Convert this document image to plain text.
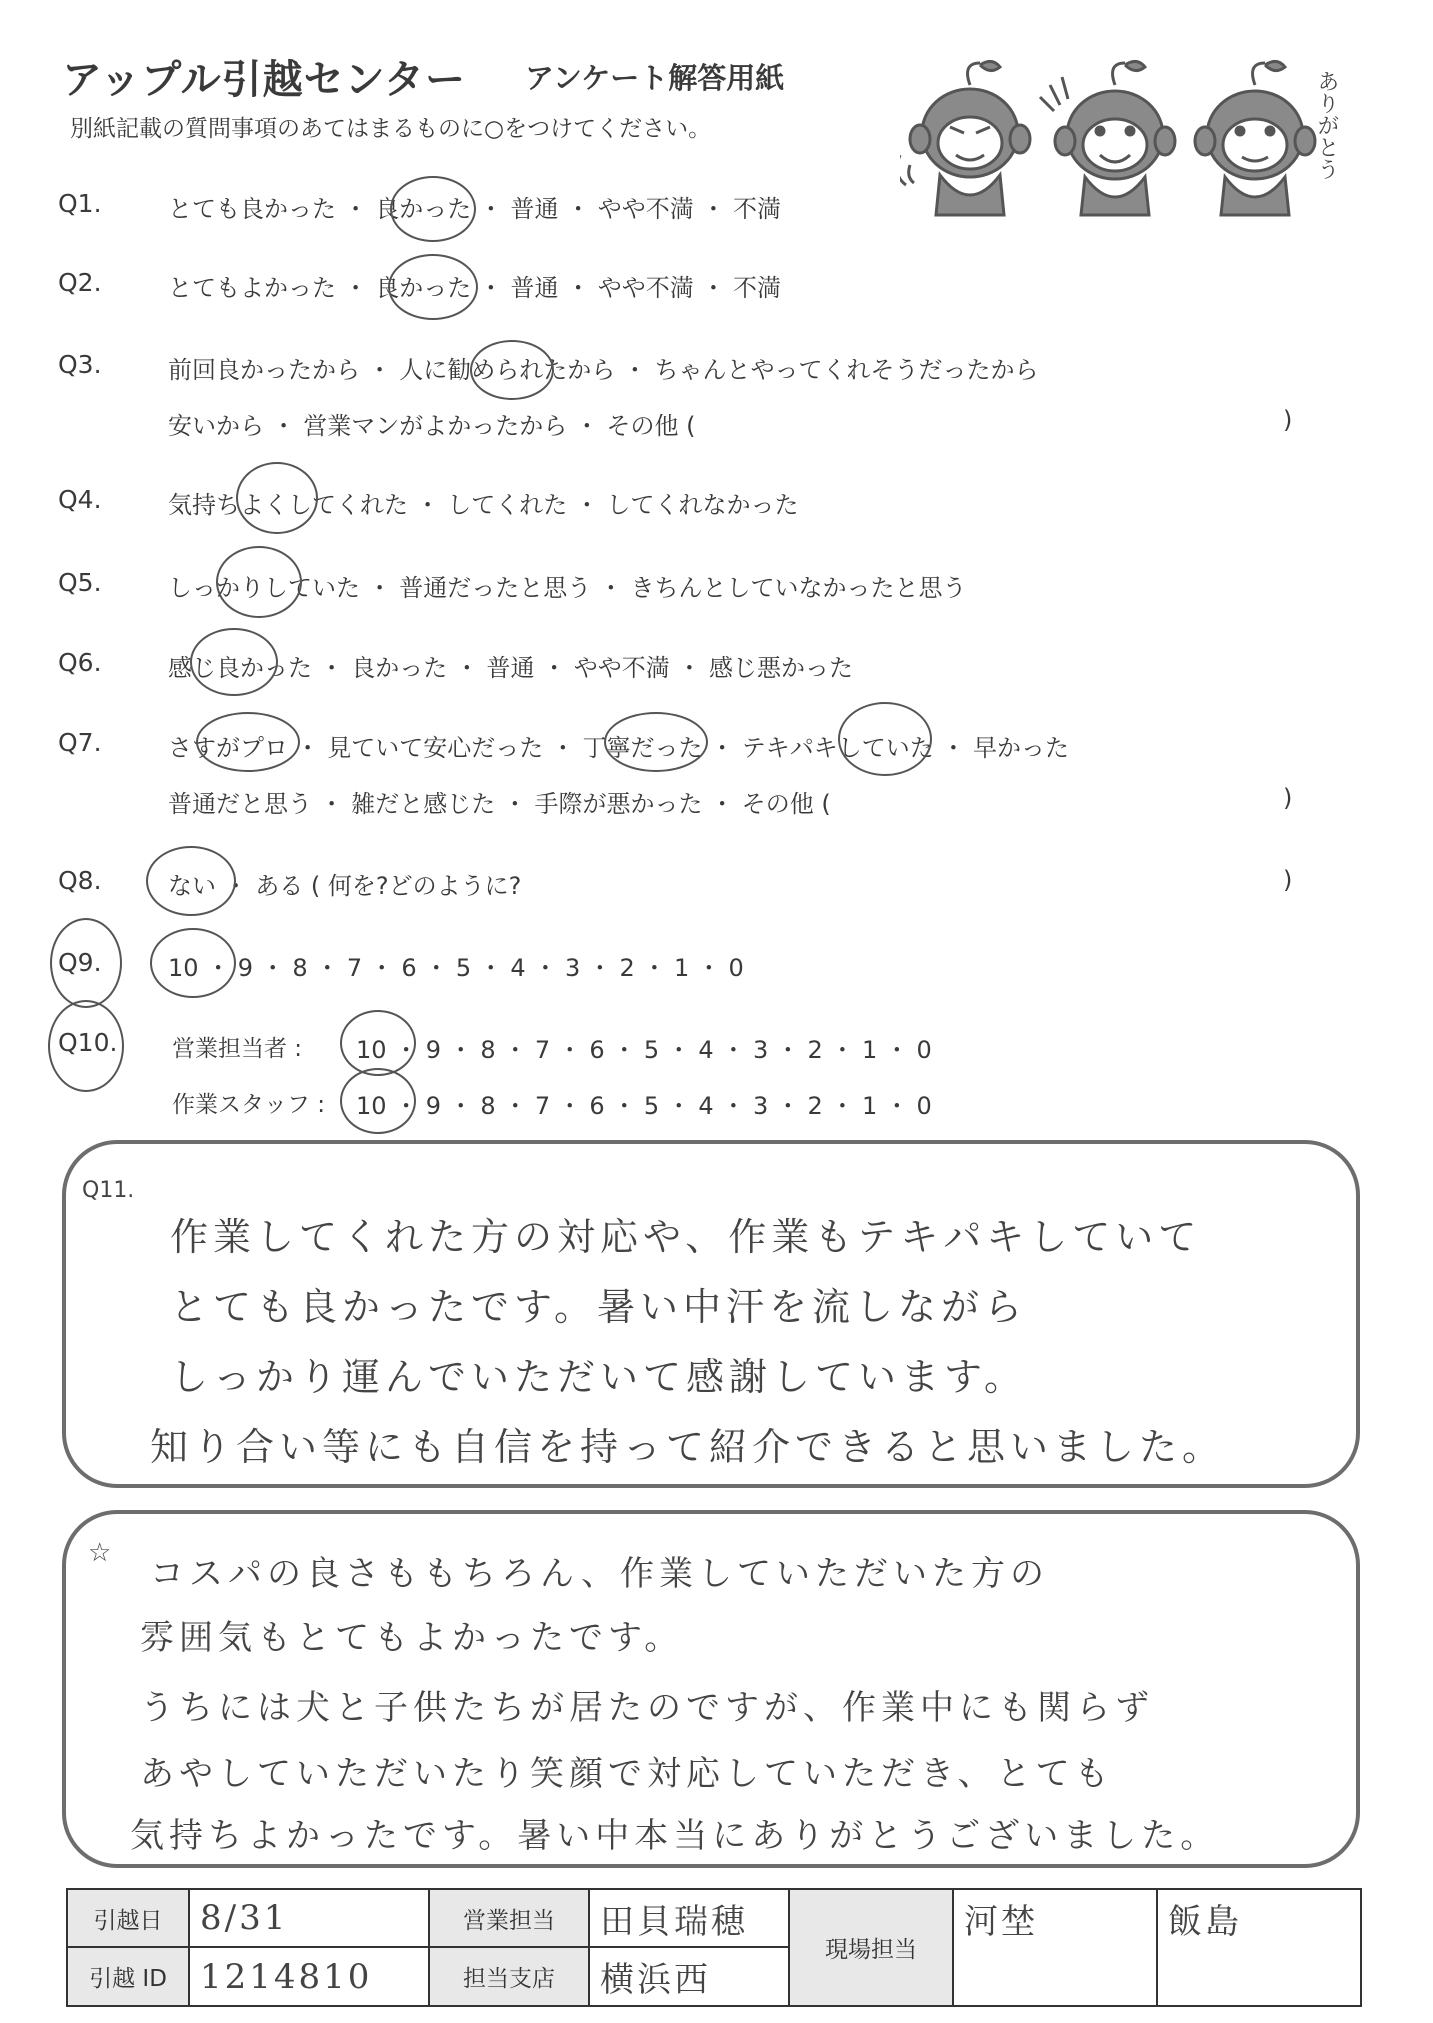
アップル引越センター アンケート解答用紙
別紙記載の質問事項のあてはまるものに○をつけてください。	ありがとう
Q1.	とても良かった ・ 良かった ・ 普通 ・ やや不満 ・ 不満
Q2.	とてもよかった ・ 良かった ・ 普通 ・ やや不満 ・ 不満
Q3.	前回良かったから ・ 人に勧められたから ・ ちゃんとやってくれそうだったから
安いから ・ 営業マンがよかったから ・ その他 (	)
Q4.	気持ちよくしてくれた ・ してくれた ・ してくれなかった
Q5.	しっかりしていた ・ 普通だったと思う ・ きちんとしていなかったと思う
Q6.	感じ良かった ・ 良かった ・ 普通 ・ やや不満 ・ 感じ悪かった
Q7.	さすがプロ ・ 見ていて安心だった ・ 丁寧だった ・ テキパキしていた ・ 早かった
普通だと思う ・ 雑だと感じた ・ 手際が悪かった ・ その他 (	)
Q8.	ない ・ ある ( 何を?どのように?	)
Q9.	10 ・ 9 ・ 8 ・ 7 ・ 6 ・ 5 ・ 4 ・ 3 ・ 2 ・ 1 ・ 0
Q10. 営業担当者 : 10 ・ 9 ・ 8 ・ 7 ・ 6 ・ 5 ・ 4 ・ 3 ・ 2 ・ 1 ・ 0
作業スタッフ : 10 ・ 9 ・ 8 ・ 7 ・ 6 ・ 5 ・ 4 ・ 3 ・ 2 ・ 1 ・ 0
Q11.
作業してくれた方の対応や、作業もテキパキしていて
とても良かったです。暑い中汗を流しながら
しっかり運んでいただいて感謝しています。
知り合い等にも自信を持って紹介できると思いました。
☆
コスパの良さももちろん、作業していただいた方の
雰囲気もとてもよかったです。
うちには犬と子供たちが居たのですが、作業中にも関らず
あやしていただいたり笑顔で対応していただき、とても
気持ちよかったです。暑い中本当にありがとうございました。
引越日	8/31	営業担当	田貝瑞穂	現場担当	河埜	飯島
引越 ID	1214810	担当支店	横浜西			
